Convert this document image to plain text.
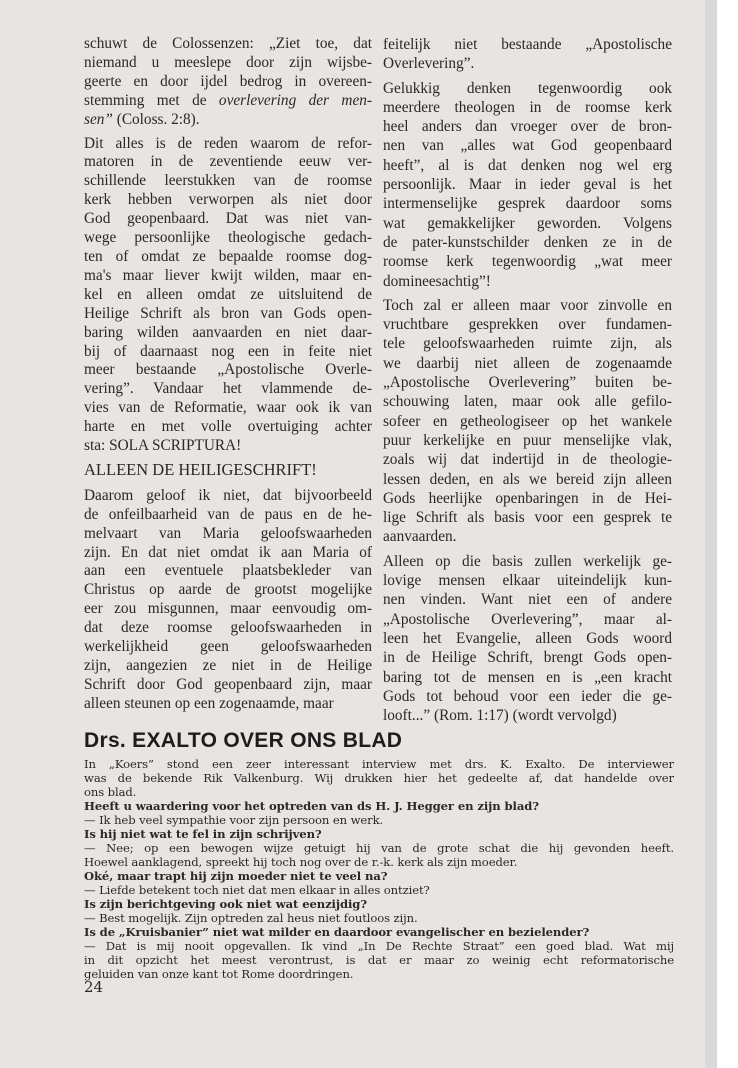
schuwt de Colossenzen: „Ziet toe, dat
niemand u meeslepe door zijn wijsbe-
geerte en door ijdel bedrog in overeen-
stemming met de overlevering der men-
sen” (Coloss. 2:8).
Dit alles is de reden waarom de refor-
matoren in de zeventiende eeuw ver-
schillende leerstukken van de roomse
kerk hebben verworpen als niet door
God geopenbaard. Dat was niet van-
wege persoonlijke theologische gedach-
ten of omdat ze bepaalde roomse dog-
ma's maar liever kwijt wilden, maar en-
kel en alleen omdat ze uitsluitend de
Heilige Schrift als bron van Gods open-
baring wilden aanvaarden en niet daar-
bij of daarnaast nog een in feite niet
meer bestaande „Apostolische Overle-
vering”. Vandaar het vlammende de-
vies van de Reformatie, waar ook ik van
harte en met volle overtuiging achter
sta: SOLA SCRIPTURA!
ALLEEN DE HEILIGESCHRIFT!
Daarom geloof ik niet, dat bijvoorbeeld
de onfeilbaarheid van de paus en de he-
melvaart van Maria geloofswaarheden
zijn. En dat niet omdat ik aan Maria of
aan een eventuele plaatsbekleder van
Christus op aarde de grootst mogelijke
eer zou misgunnen, maar eenvoudig om-
dat deze roomse geloofswaarheden in
werkelijkheid geen geloofswaarheden
zijn, aangezien ze niet in de Heilige
Schrift door God geopenbaard zijn, maar
alleen steunen op een zogenaamde, maar
feitelijk niet bestaande „Apostolische
Overlevering”.
Gelukkig denken tegenwoordig ook
meerdere theologen in de roomse kerk
heel anders dan vroeger over de bron-
nen van „alles wat God geopenbaard
heeft”, al is dat denken nog wel erg
persoonlijk. Maar in ieder geval is het
intermenselijke gesprek daardoor soms
wat gemakkelijker geworden. Volgens
de pater-kunstschilder denken ze in de
roomse kerk tegenwoordig „wat meer
domineesachtig”!
Toch zal er alleen maar voor zinvolle en
vruchtbare gesprekken over fundamen-
tele geloofswaarheden ruimte zijn, als
we daarbij niet alleen de zogenaamde
„Apostolische Overlevering” buiten be-
schouwing laten, maar ook alle gefilo-
sofeer en getheologiseer op het wankele
puur kerkelijke en puur menselijke vlak,
zoals wij dat indertijd in de theologie-
lessen deden, en als we bereid zijn alleen
Gods heerlijke openbaringen in de Hei-
lige Schrift als basis voor een gesprek te
aanvaarden.
Alleen op die basis zullen werkelijk ge-
lovige mensen elkaar uiteindelijk kun-
nen vinden. Want niet een of andere
„Apostolische Overlevering”, maar al-
leen het Evangelie, alleen Gods woord
in de Heilige Schrift, brengt Gods open-
baring tot de mensen en is „een kracht
Gods tot behoud voor een ieder die ge-
looft...” (Rom. 1:17) (wordt vervolgd)
Drs. EXALTO OVER ONS BLAD
In „Koers” stond een zeer interessant interview met drs. K. Exalto. De interviewer
was de bekende Rik Valkenburg. Wij drukken hier het gedeelte af, dat handelde over
ons blad.
Heeft u waardering voor het optreden van ds H. J. Hegger en zijn blad?
— Ik heb veel sympathie voor zijn persoon en werk.
Is hij niet wat te fel in zijn schrijven?
— Nee; op een bewogen wijze getuigt hij van de grote schat die hij gevonden heeft.
Hoewel aanklagend, spreekt hij toch nog over de r.-k. kerk als zijn moeder.
Oké, maar trapt hij zijn moeder niet te veel na?
— Liefde betekent toch niet dat men elkaar in alles ontziet?
Is zijn berichtgeving ook niet wat eenzijdig?
— Best mogelijk. Zijn optreden zal heus niet foutloos zijn.
Is de „Kruisbanier” niet wat milder en daardoor evangelischer en bezielender?
— Dat is mij nooit opgevallen. Ik vind „In De Rechte Straat” een goed blad. Wat mij
in dit opzicht het meest verontrust, is dat er maar zo weinig echt reformatorische
geluiden van onze kant tot Rome doordringen.
24
